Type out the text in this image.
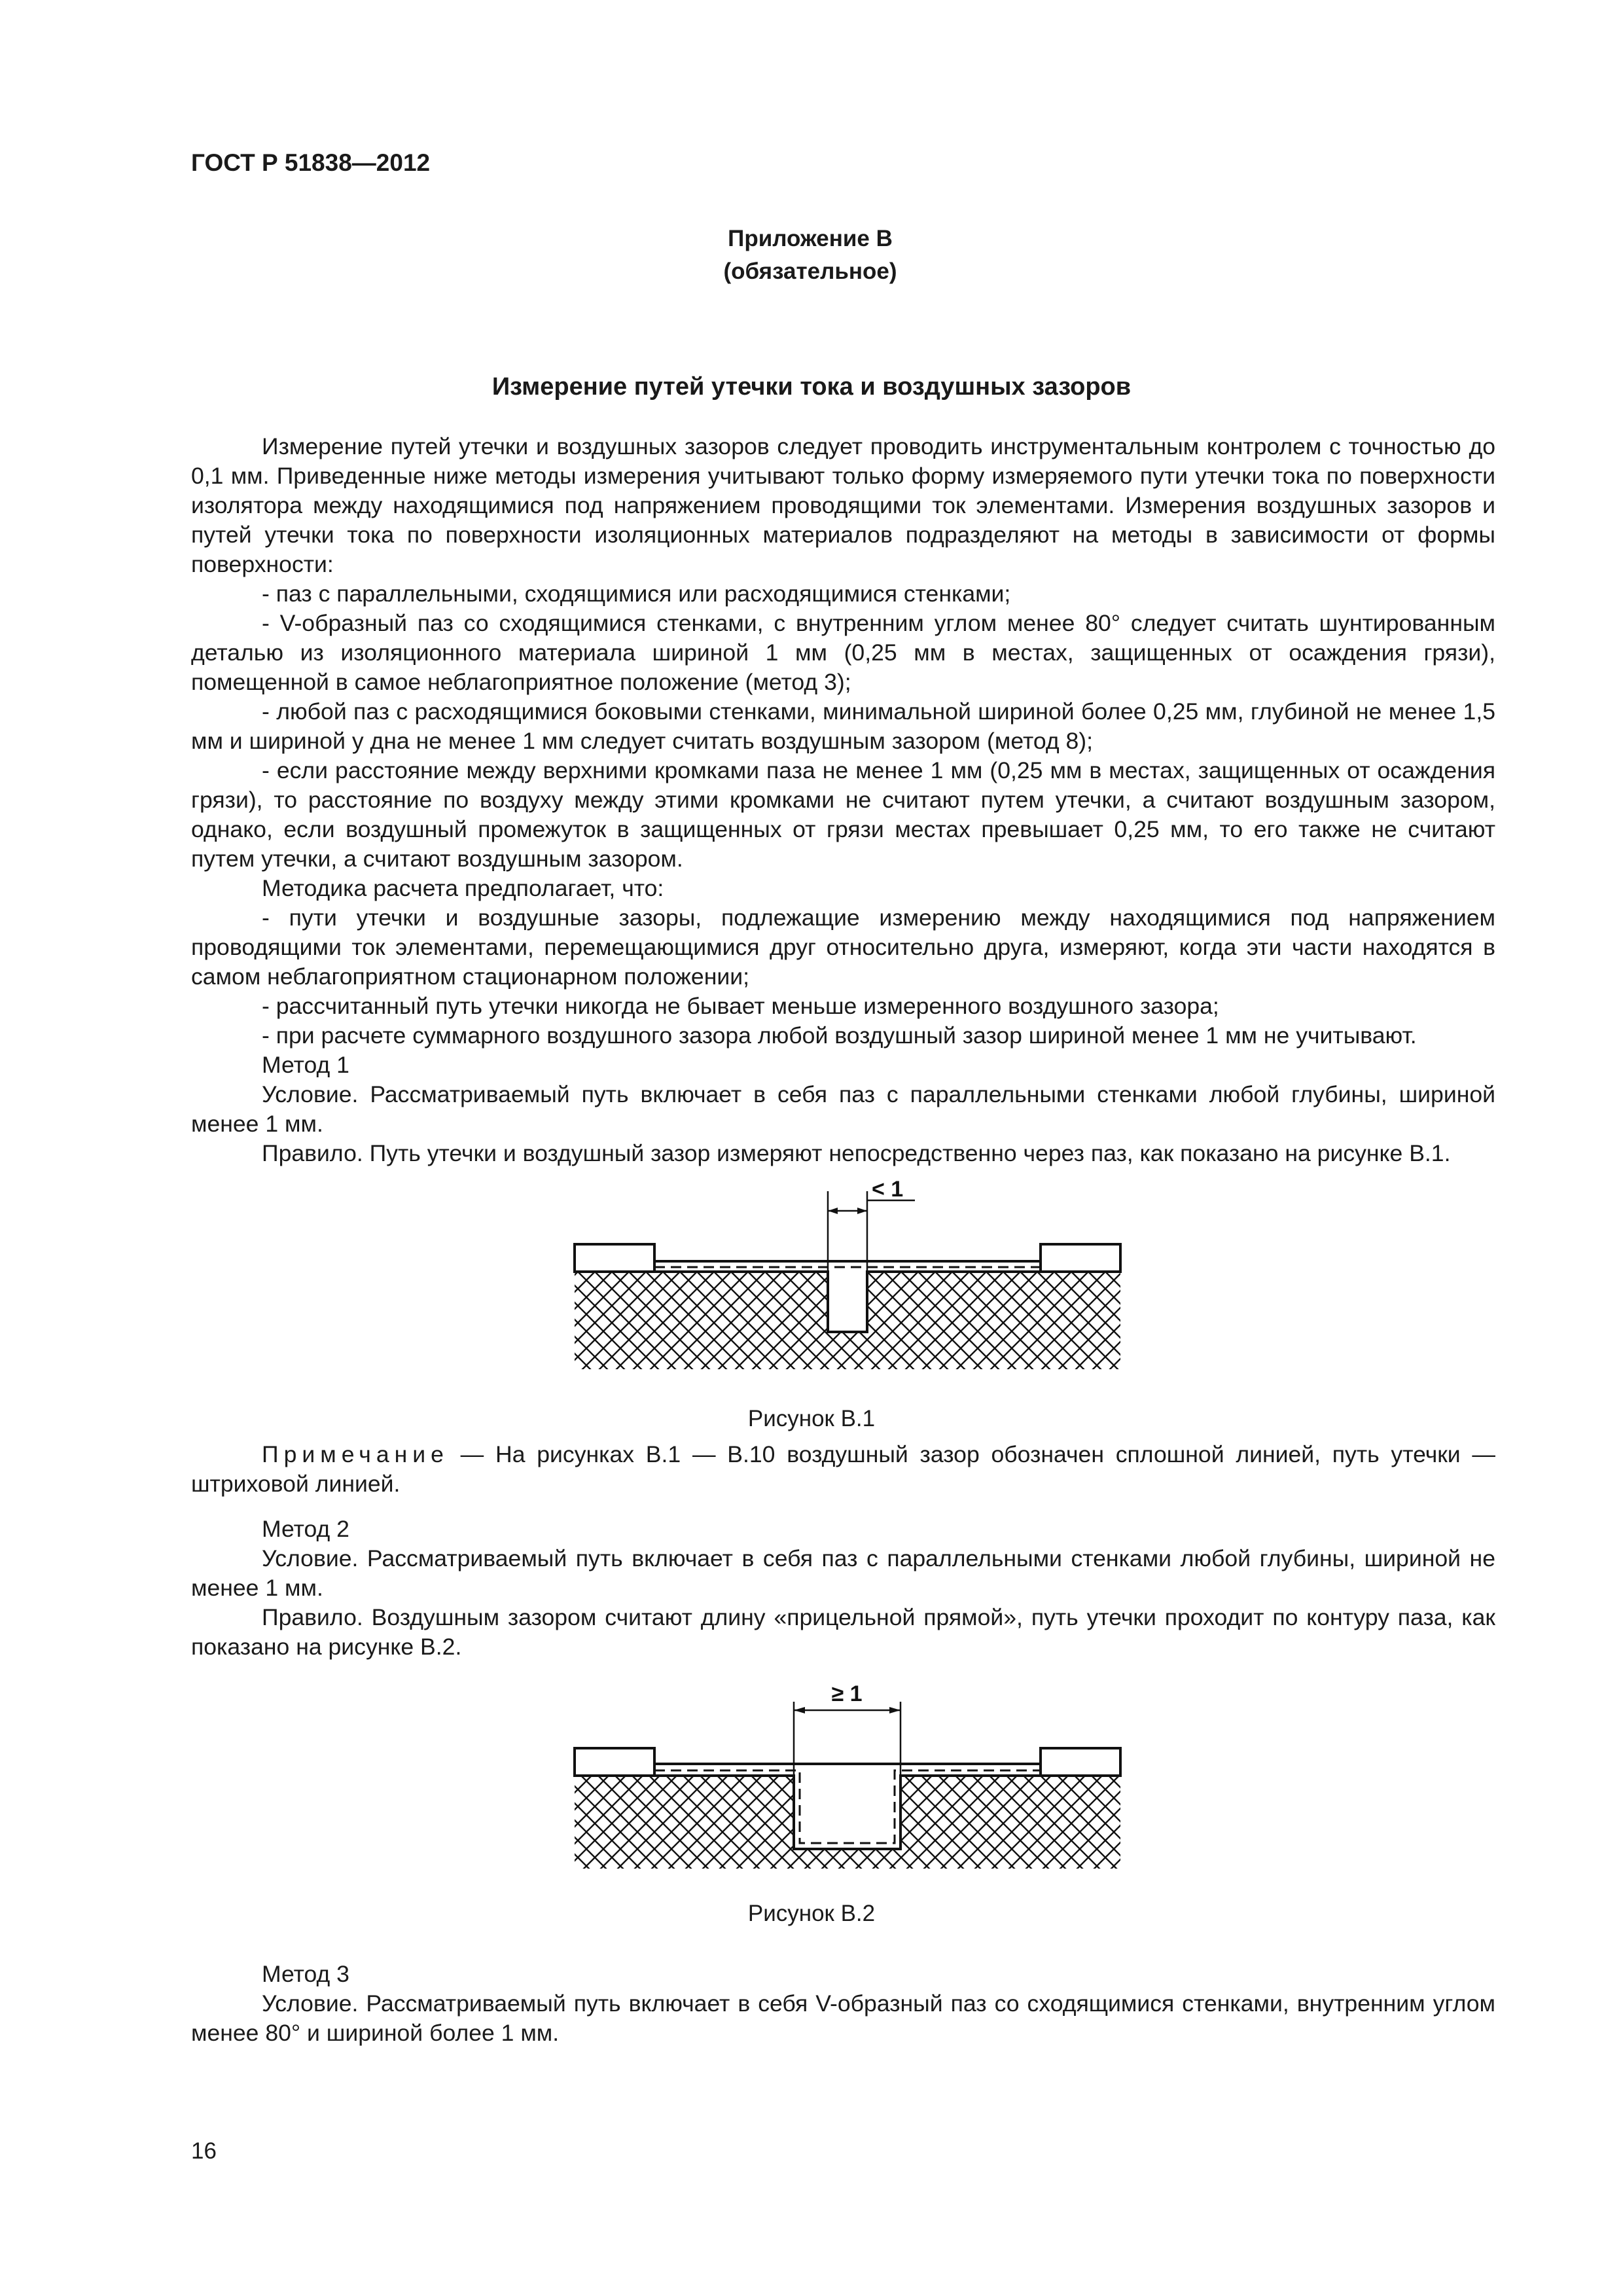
ГОСТ Р 51838—2012
Приложение В
(обязательное)
Измерение путей утечки тока и воздушных зазоров

Измерение путей утечки и воздушных зазоров следует проводить инструментальным контролем с точностью до 0,1 мм. Приведенные ниже методы измерения учитывают только форму измеряемого пути утечки тока по поверхности изолятора между находящимися под напряжением проводящими ток элементами. Измерения воздушных зазоров и путей утечки тока по поверхности изоляционных материалов подразделяют на методы в зависимости от формы поверхности:

- паз с параллельными, сходящимися или расходящимися стенками;

- V-образный паз со сходящимися стенками, с внутренним углом менее 80° следует считать шунтированным деталью из изоляционного материала шириной 1 мм (0,25 мм в местах, защищенных от осаждения грязи), помещенной в самое неблагоприятное положение (метод 3);

- любой паз с расходящимися боковыми стенками, минимальной шириной более 0,25 мм, глубиной не менее 1,5 мм и шириной у дна не менее 1 мм следует считать воздушным зазором (метод 8);

- если расстояние между верхними кромками паза не менее 1 мм (0,25 мм в местах, защищенных от осаждения грязи), то расстояние по воздуху между этими кромками не считают путем утечки, а считают воздушным зазором, однако, если воздушный промежуток в защищенных от грязи местах превышает 0,25 мм, то его также не считают путем утечки, а считают воздушным зазором.

Методика расчета предполагает, что:

- пути утечки и воздушные зазоры, подлежащие измерению между находящимися под напряжением проводящими ток элементами, перемещающимися друг относительно друга, измеряют, когда эти части находятся в самом неблагоприятном стационарном положении;

- рассчитанный путь утечки никогда не бывает меньше измеренного воздушного зазора;

- при расчете суммарного воздушного зазора любой воздушный зазор шириной менее 1 мм не учитывают.

Метод 1

Условие. Рассматриваемый путь включает в себя паз с параллельными стенками любой глубины, шириной менее 1 мм.

Правило. Путь утечки и воздушный зазор измеряют непосредственно через паз, как показано на рисунке В.1.

< 1
Рисунок В.1

Примечание — На рисунках В.1 — В.10 воздушный зазор обозначен сплошной линией, путь утечки — штриховой линией.

Метод 2

Условие. Рассматриваемый путь включает в себя паз с параллельными стенками любой глубины, шириной не менее 1 мм.

Правило. Воздушным зазором считают длину «прицельной прямой», путь утечки проходит по контуру паза, как показано на рисунке В.2.

≥ 1
Рисунок В.2

Метод 3

Условие. Рассматриваемый путь включает в себя V-образный паз со сходящимися стенками, внутренним углом менее 80° и шириной более 1 мм.

16
